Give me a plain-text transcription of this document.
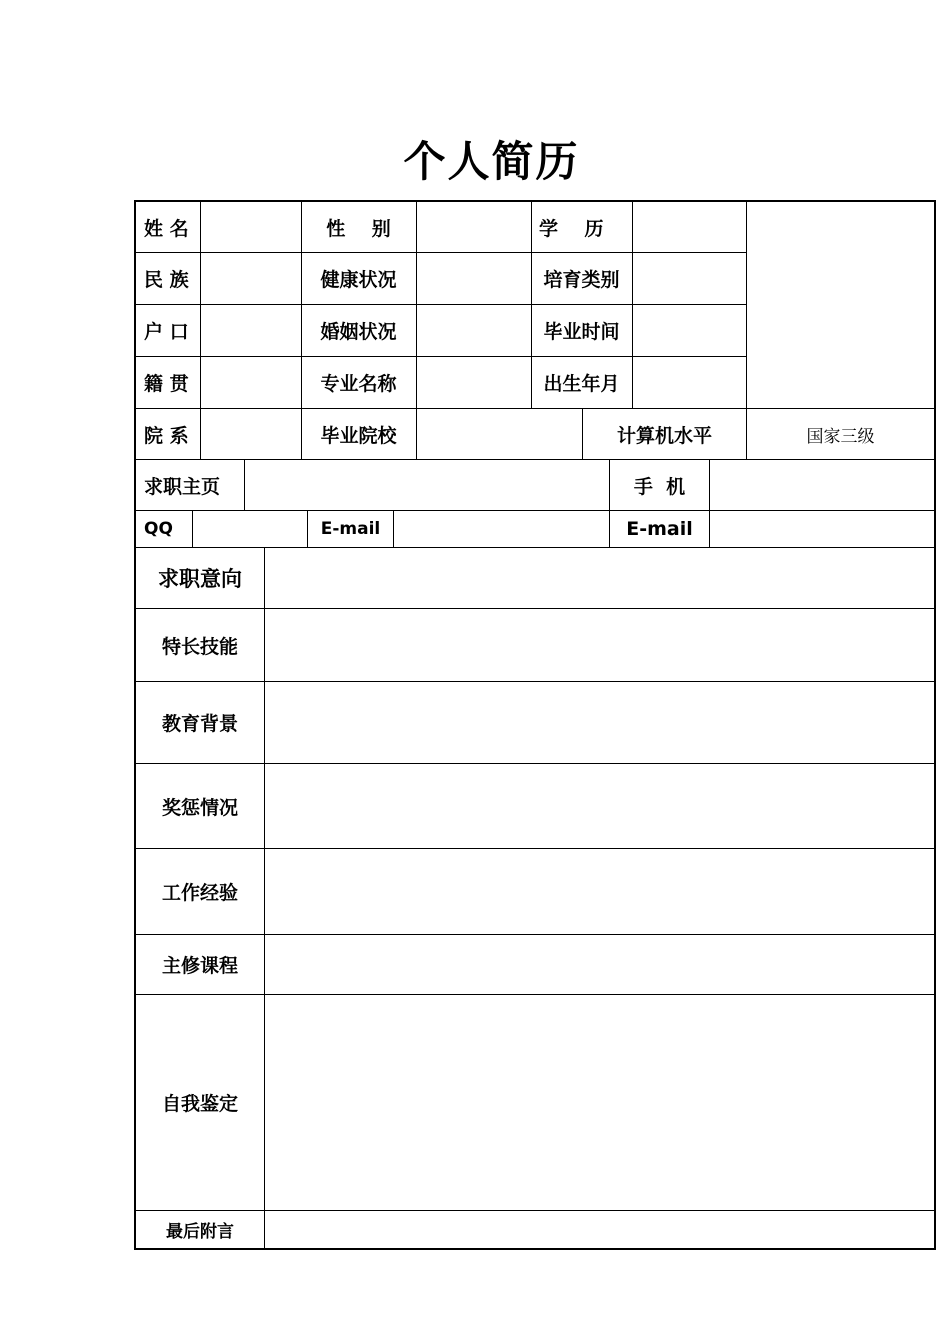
个人简历
姓 名	性    别	学    历
民 族	健康状况	培育类别
户 口	婚姻状况	毕业时间
籍 贯	专业名称	出生年月
院 系	毕业院校	计算机水平	国家三级
求职主页	手  机
QQ	E-mail	E-mail
求职意向
特长技能
教育背景
奖惩情况
工作经验
主修课程
自我鉴定
最后附言
